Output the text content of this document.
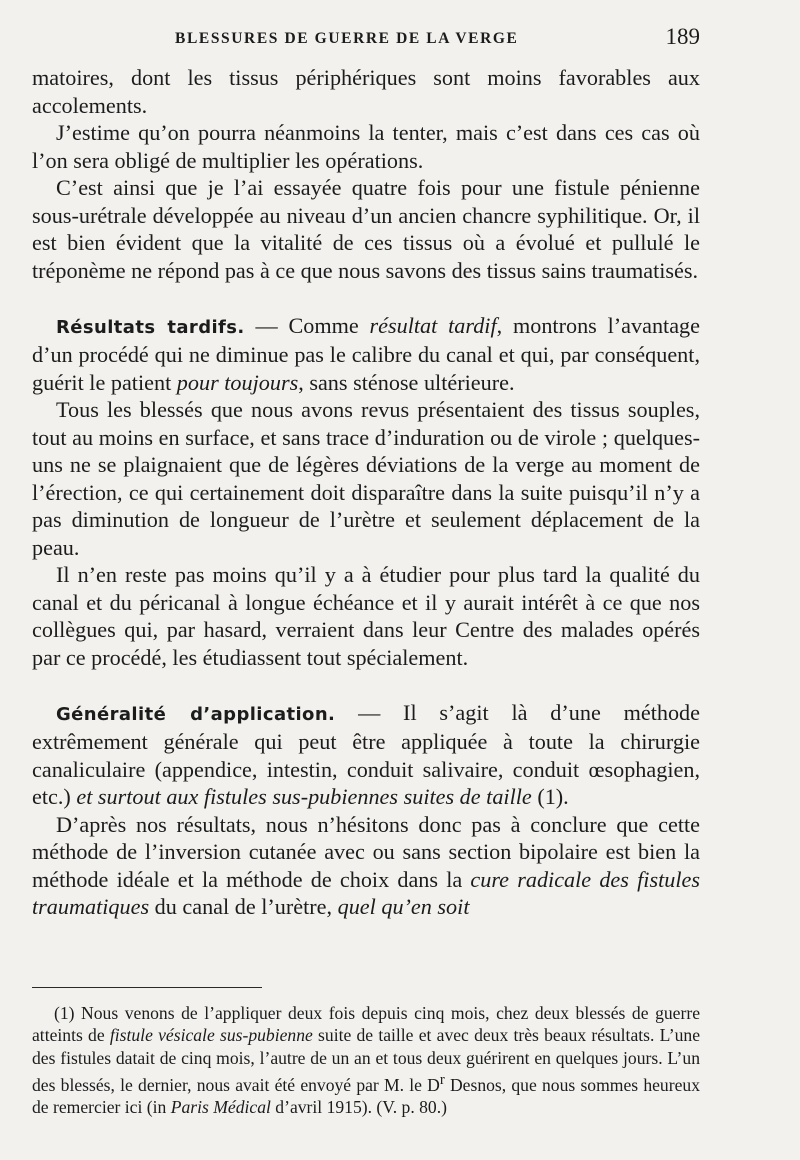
BLESSURES DE GUERRE DE LA VERGE	189

matoires, dont les tissus périphériques sont moins favorables aux accolements.

J’estime qu’on pourra néanmoins la tenter, mais c’est dans ces cas où l’on sera obligé de multiplier les opérations.

C’est ainsi que je l’ai essayée quatre fois pour une fistule pénienne sous-urétrale développée au niveau d’un ancien chancre syphilitique. Or, il est bien évident que la vitalité de ces tissus où a évolué et pullulé le tréponème ne répond pas à ce que nous savons des tissus sains traumatisés.

Résultats tardifs. — Comme résultat tardif, montrons l’avantage d’un procédé qui ne diminue pas le calibre du canal et qui, par conséquent, guérit le patient pour toujours, sans sténose ultérieure.

Tous les blessés que nous avons revus présentaient des tissus souples, tout au moins en surface, et sans trace d’induration ou de virole ; quelques-uns ne se plaignaient que de légères déviations de la verge au moment de l’érection, ce qui certainement doit disparaître dans la suite puisqu’il n’y a pas diminution de longueur de l’urètre et seulement déplacement de la peau.

Il n’en reste pas moins qu’il y a à étudier pour plus tard la qualité du canal et du péricanal à longue échéance et il y aurait intérêt à ce que nos collègues qui, par hasard, verraient dans leur Centre des malades opérés par ce procédé, les étudiassent tout spécialement.

Généralité d’application. — Il s’agit là d’une méthode extrêmement générale qui peut être appliquée à toute la chirurgie canaliculaire (appendice, intestin, conduit salivaire, conduit œsophagien, etc.) et surtout aux fistules sus-pubiennes suites de taille (1).

D’après nos résultats, nous n’hésitons donc pas à conclure que cette méthode de l’inversion cutanée avec ou sans section bipolaire est bien la méthode idéale et la méthode de choix dans la cure radicale des fistules traumatiques du canal de l’urètre, quel qu’en soit

(1) Nous venons de l’appliquer deux fois depuis cinq mois, chez deux blessés de guerre atteints de fistule vésicale sus-pubienne suite de taille et avec deux très beaux résultats. L’une des fistules datait de cinq mois, l’autre de un an et tous deux guérirent en quelques jours. L’un des blessés, le dernier, nous avait été envoyé par M. le $D^r$ Desnos, que nous sommes heureux de remercier ici (in Paris Médical d’avril 1915). (V. p. 80.)
